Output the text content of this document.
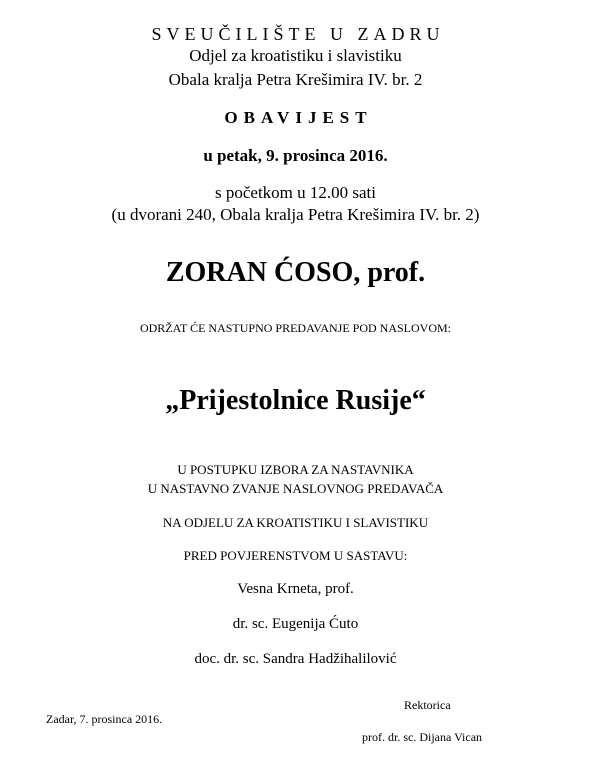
SVEUČILIŠTE U ZADRU
Odjel za kroatistiku i slavistiku
Obala kralja Petra Krešimira IV. br. 2
OBAVIJEST
u petak, 9. prosinca 2016.
s početkom u 12.00 sati
(u dvorani 240, Obala kralja Petra Krešimira IV. br. 2)
ZORAN ĆOSO, prof.
ODRŽAT ĆE NASTUPNO PREDAVANJE POD NASLOVOM:
„Prijestolnice Rusije“
U POSTUPKU IZBORA ZA NASTAVNIKA
U NASTAVNO ZVANJE NASLOVNOG PREDAVAČA
NA ODJELU ZA KROATISTIKU I SLAVISTIKU
PRED POVJERENSTVOM U SASTAVU:
Vesna Krneta, prof.
dr. sc. Eugenija Ćuto
doc. dr. sc. Sandra Hadžihalilović
Zadar, 7. prosinca 2016.
Rektorica
prof. dr. sc. Dijana Vican
